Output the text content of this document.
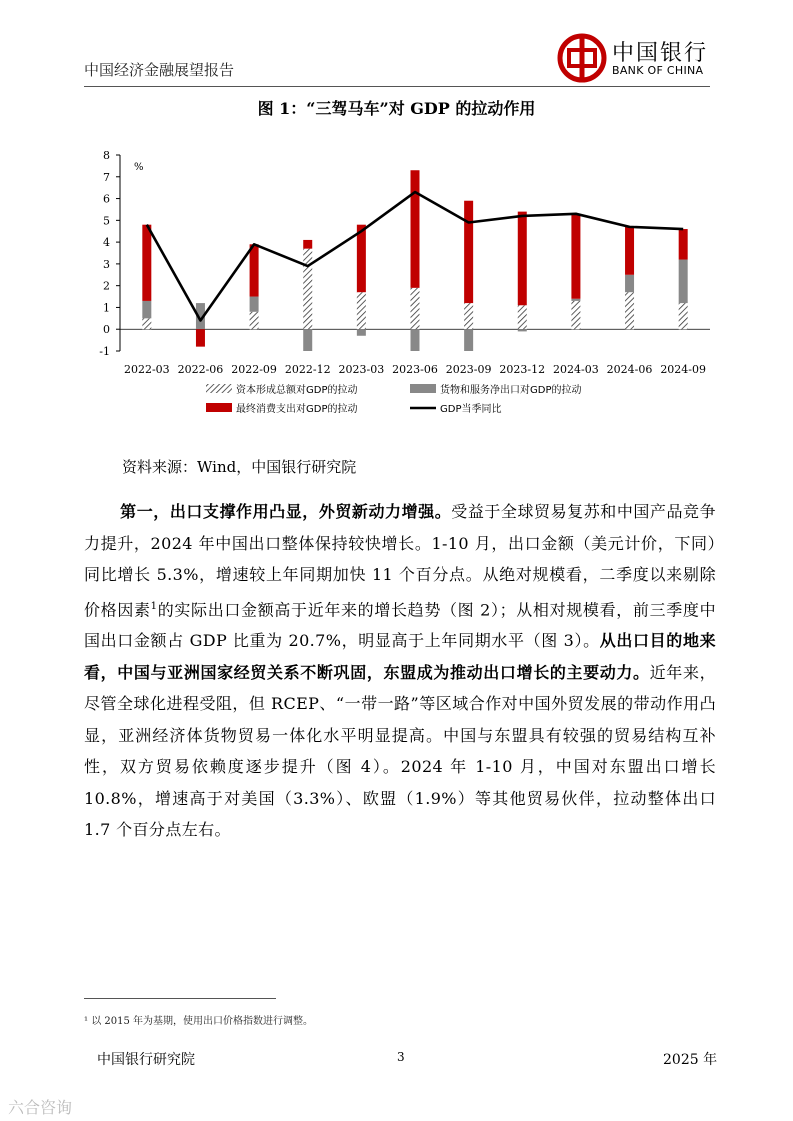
中国经济金融展望报告
中国银行
BANK OF CHINA
图 1：“三驾马车”对 GDP 的拉动作用
-1
0
1
2
3
4
5
6
7
8
%
2022-03 2022-06 2022-09 2022-12 2023-03 2023-06 2023-09 2023-12 2024-03 2024-06 2024-09
资本形成总额对GDP的拉动	货物和服务净出口对GDP的拉动
最终消费支出对GDP的拉动	GDP当季同比
资料来源：Wind，中国银行研究院
第一，出口支撑作用凸显，外贸新动力增强。受益于全球贸易复苏和中国产品竞争力提升，2024 年中国出口整体保持较快增长。1-10 月，出口金额（美元计价，下同）同比增长 5.3%，增速较上年同期加快 11 个百分点。从绝对规模看，二季度以来剔除价格因素$^1$的实际出口金额高于近年来的增长趋势（图 2）；从相对规模看，前三季度中国出口金额占 GDP 比重为 20.7%，明显高于上年同期水平（图 3）。从出口目的地来看，中国与亚洲国家经贸关系不断巩固，东盟成为推动出口增长的主要动力。近年来，尽管全球化进程受阻，但 RCEP、“一带一路”等区域合作对中国外贸发展的带动作用凸显，亚洲经济体货物贸易一体化水平明显提高。中国与东盟具有较强的贸易结构互补性，双方贸易依赖度逐步提升（图 4）。2024 年 1-10 月，中国对东盟出口增长 10.8%，增速高于对美国（3.3%）、欧盟（1.9%）等其他贸易伙伴，拉动整体出口 1.7 个百分点左右。
¹ 以 2015 年为基期，使用出口价格指数进行调整。
中国银行研究院	3	2025 年
六合咨询
